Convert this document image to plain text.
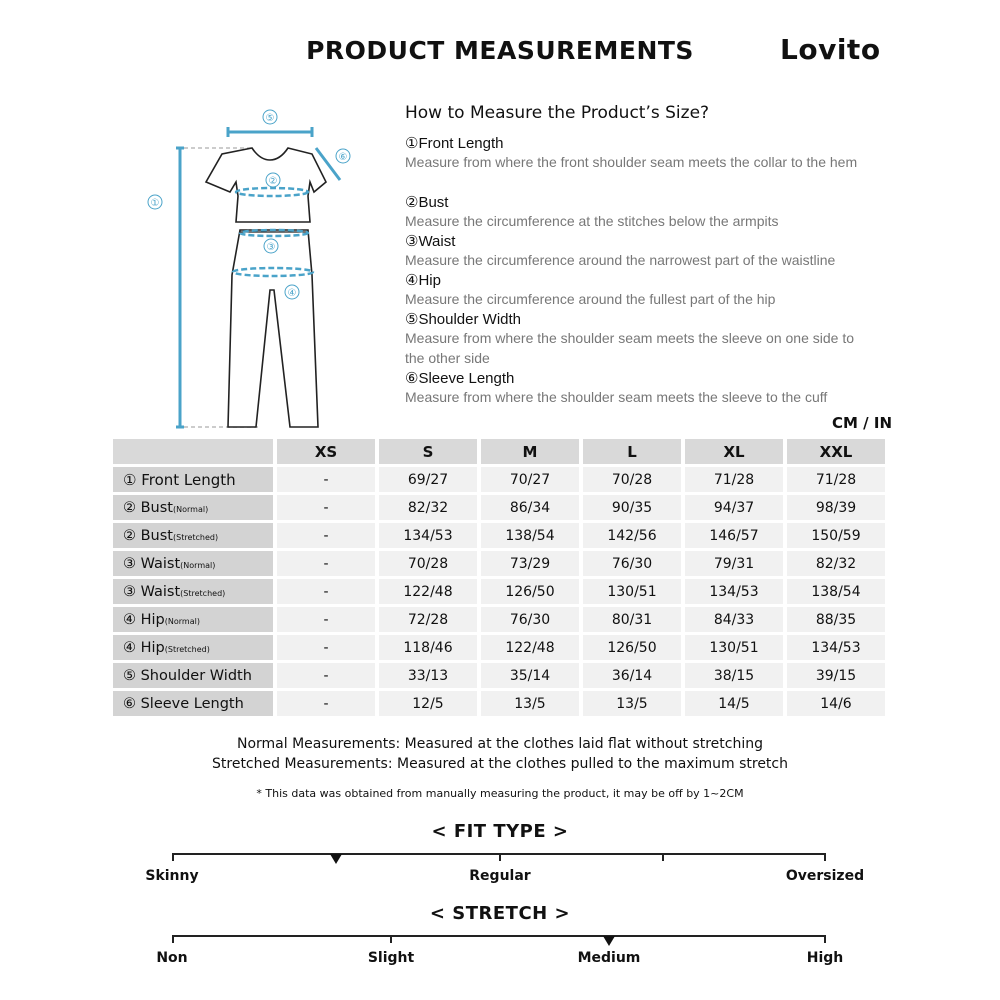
PRODUCT MEASUREMENTS	Lovito
①
②
③
④
⑤
⑥
How to Measure the Product’s Size?
①Front Length
Measure from where the front shoulder seam meets the collar to the hem
②Bust
Measure the circumference at the stitches below the armpits
③Waist
Measure the circumference around the narrowest part of the waistline
④Hip
Measure the circumference around the fullest part of the hip
⑤Shoulder Width
Measure from where the shoulder seam meets the sleeve on one side to the other side
⑥Sleeve Length
Measure from where the shoulder seam meets the sleeve to the cuff
CM / IN
	XS	S	M	L	XL	XXL
① Front Length	-	69/27	70/27	70/28	71/28	71/28
② Bust(Normal)	-	82/32	86/34	90/35	94/37	98/39
② Bust(Stretched)	-	134/53	138/54	142/56	146/57	150/59
③ Waist(Normal)	-	70/28	73/29	76/30	79/31	82/32
③ Waist(Stretched)	-	122/48	126/50	130/51	134/53	138/54
④ Hip(Normal)	-	72/28	76/30	80/31	84/33	88/35
④ Hip(Stretched)	-	118/46	122/48	126/50	130/51	134/53
⑤ Shoulder Width	-	33/13	35/14	36/14	38/15	39/15
⑥ Sleeve Length	-	12/5	13/5	13/5	14/5	14/6
Normal Measurements: Measured at the clothes laid flat without stretching
Stretched Measurements: Measured at the clothes pulled to the maximum stretch
* This data was obtained from manually measuring the product, it may be off by 1~2CM
< FIT TYPE >
Skinny	Regular	Oversized
< STRETCH >
Non	Slight	Medium	High
